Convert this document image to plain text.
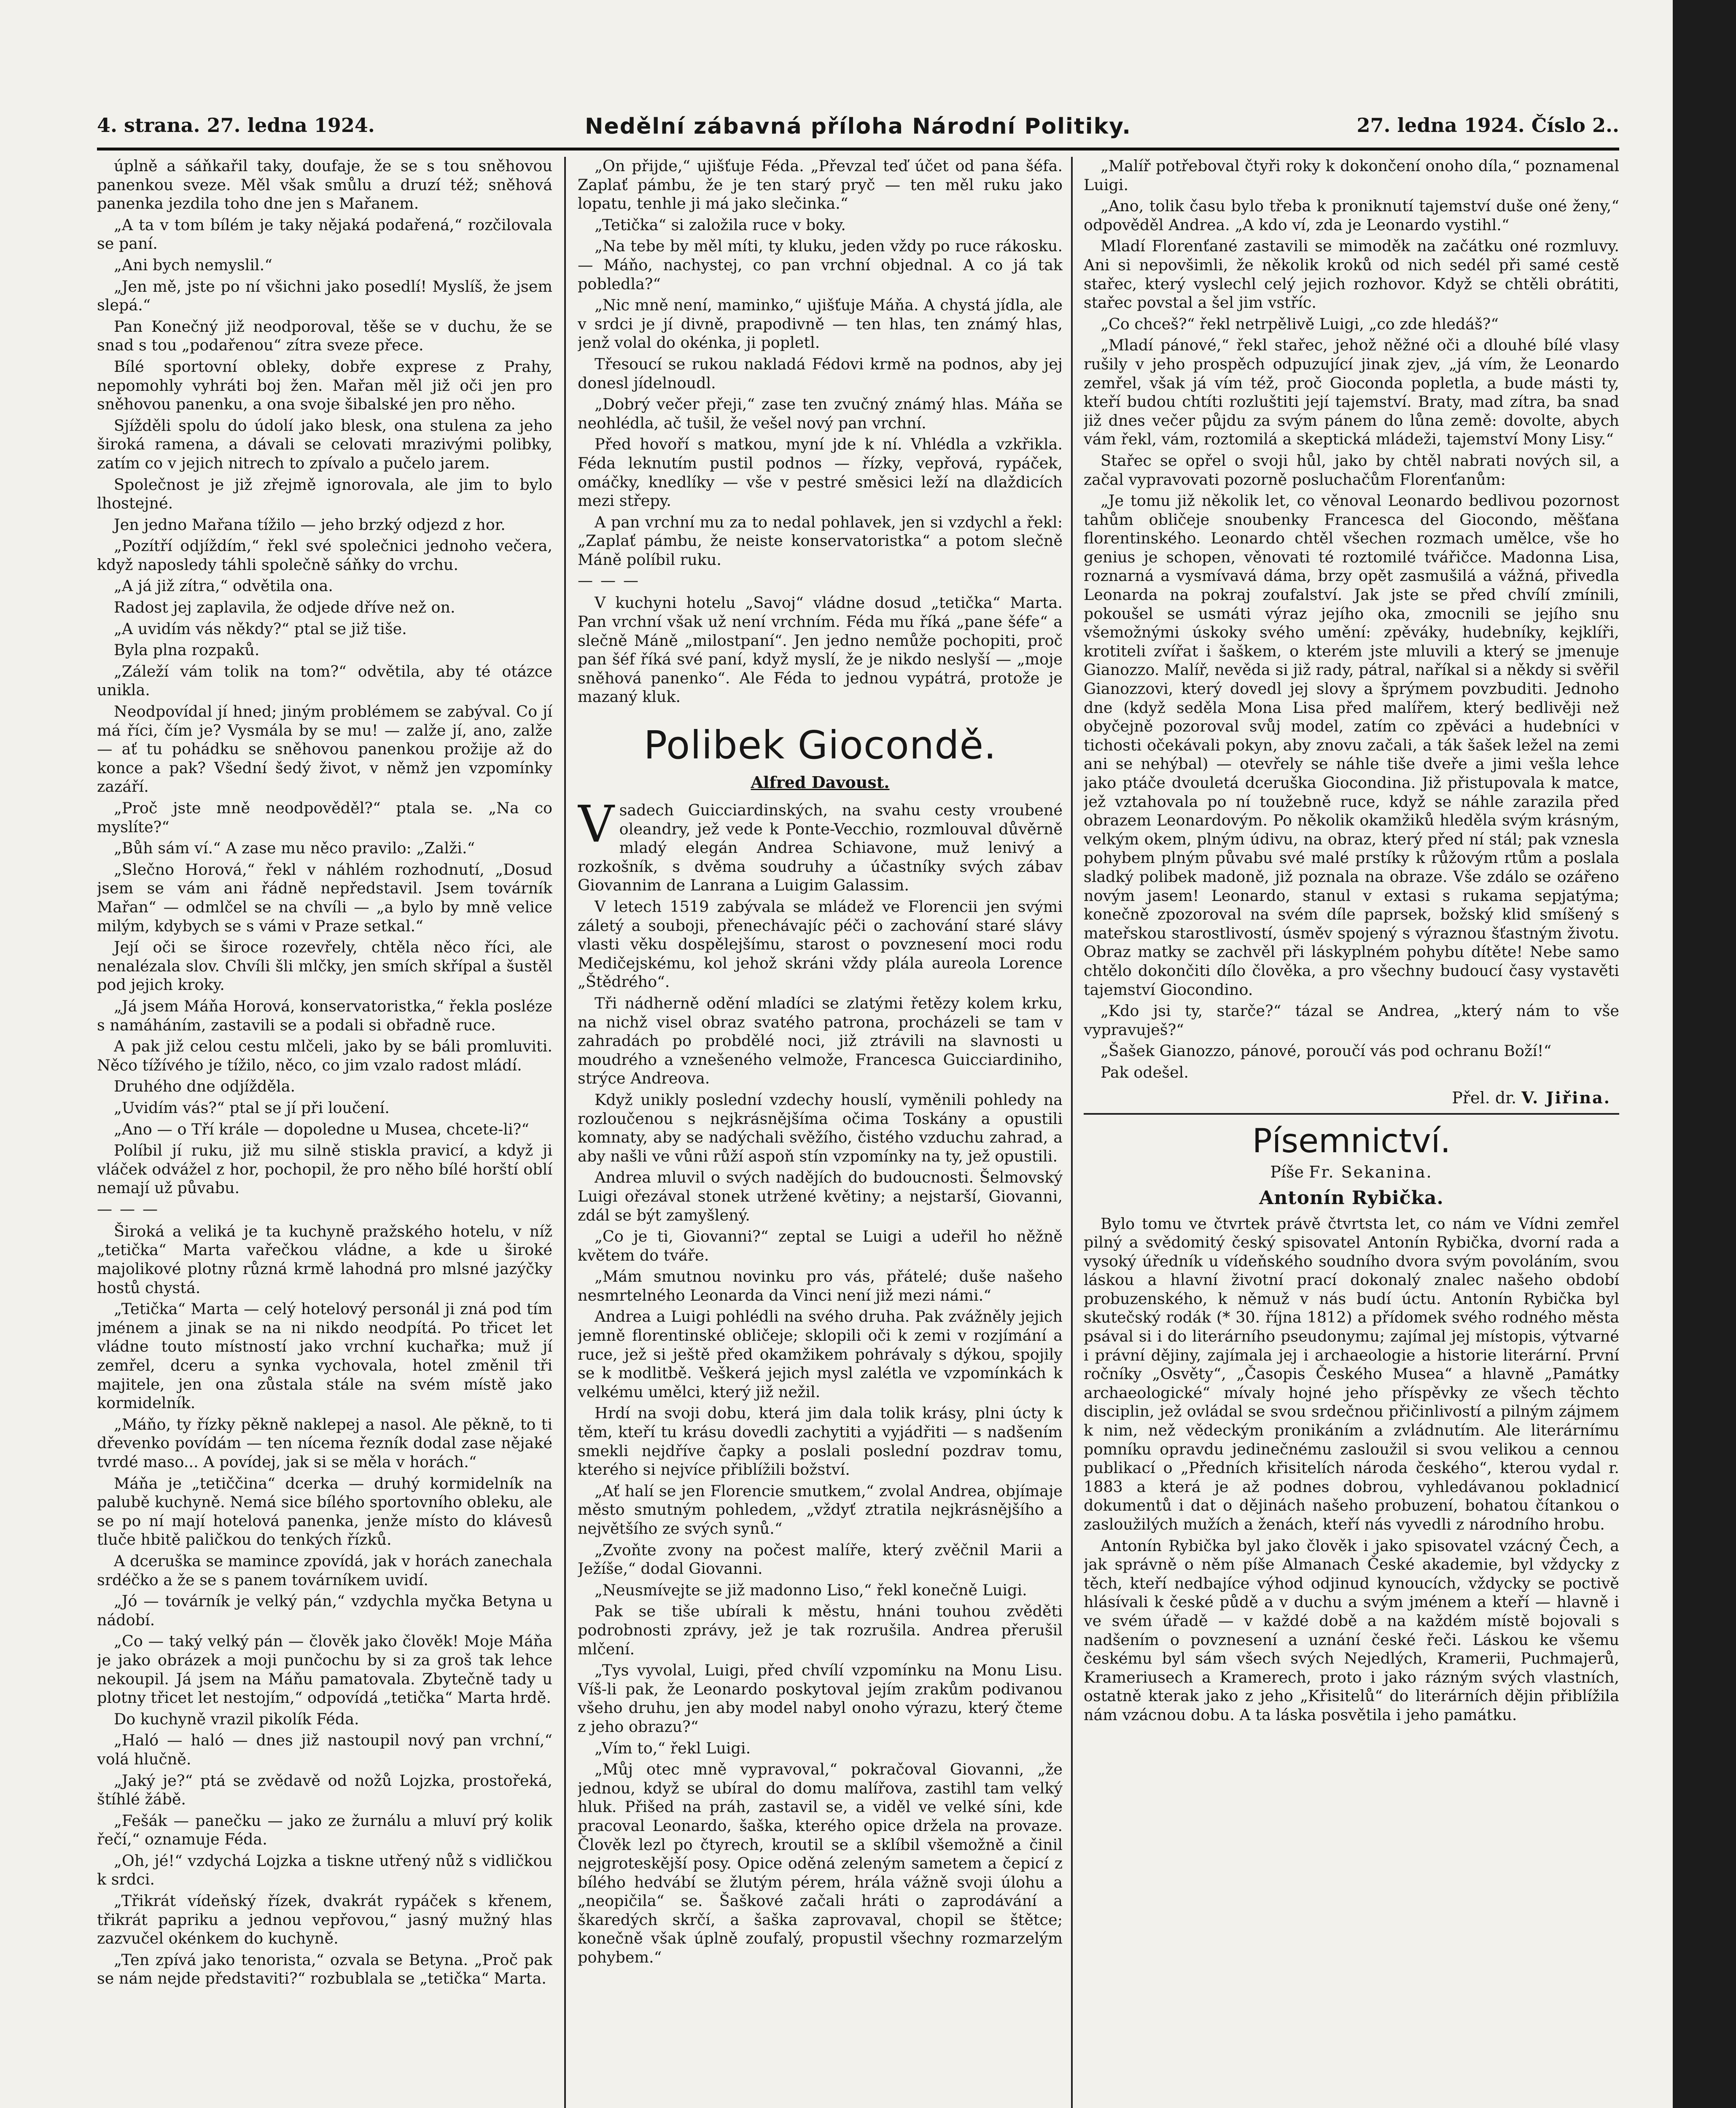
4. strana. 27. ledna 1924.	Nedělní zábavná příloha Národní Politiky.	27. ledna 1924. Číslo 2..

úplně a sáňkařil taky, doufaje, že se s tou sněhovou panenkou sveze. Měl však smůlu a druzí též; sněhová panenka jezdila toho dne jen s Mařanem.

„A ta v tom bílém je taky nějaká podařená,“ rozčilovala se paní.

„Ani bych nemyslil.“

„Jen mě, jste po ní všichni jako posedlí! Myslíš, že jsem slepá.“

Pan Konečný již neodporoval, těše se v duchu, že se snad s tou „podařenou“ zítra sveze přece.

Bílé sportovní obleky, dobře exprese z Prahy, nepomohly vyhráti boj žen. Mařan měl již oči jen pro sněhovou panenku, a ona svoje šibalské jen pro něho.

Sjížděli spolu do údolí jako blesk, ona stulena za jeho široká ramena, a dávali se celovati mrazivými polibky, zatím co v jejich nitrech to zpívalo a pučelo jarem.

Společnost je již zřejmě ignorovala, ale jim to bylo lhostejné.

Jen jedno Mařana tížilo — jeho brzký odjezd z hor.

„Pozítří odjíždím,“ řekl své společnici jednoho večera, když naposledy táhli společně sáňky do vrchu.

„A já již zítra,“ odvětila ona.

Radost jej zaplavila, že odjede dříve než on.

„A uvidím vás někdy?“ ptal se již tiše.

Byla plna rozpaků.

„Záleží vám tolik na tom?“ odvětila, aby té otázce unikla.

Neodpovídal jí hned; jiným problémem se zabýval. Co jí má říci, čím je? Vysmála by se mu! — zalže jí, ano, zalže — ať tu pohádku se sněhovou panenkou prožije až do konce a pak? Všední šedý život, v němž jen vzpomínky zazáří.

„Proč jste mně neodpověděl?“ ptala se. „Na co myslíte?“

„Bůh sám ví.“ A zase mu něco pravilo: „Zalži.“

„Slečno Horová,“ řekl v náhlém rozhodnutí, „Dosud jsem se vám ani řádně nepředstavil. Jsem továrník Mařan“ — odmlčel se na chvíli — „a bylo by mně velice milým, kdybych se s vámi v Praze setkal.“

Její oči se široce rozevřely, chtěla něco říci, ale nenalézala slov. Chvíli šli mlčky, jen smích skřípal a šustěl pod jejich kroky.

„Já jsem Máňa Horová, konservatoristka,“ řekla posléze s namáháním, zastavili se a podali si obřadně ruce.

A pak již celou cestu mlčeli, jako by se báli promluviti. Něco tížívého je tížilo, něco, co jim vzalo radost mládí.

Druhého dne odjížděla.

„Uvidím vás?“ ptal se jí při loučení.

„Ano — o Tří krále — dopoledne u Musea, chcete-li?“

Políbil jí ruku, již mu silně stiskla pravicí, a když ji vláček odvážel z hor, pochopil, že pro něho bílé horští oblí nemají už půvabu.

———

Široká a veliká je ta kuchyně pražského hotelu, v níž „tetička“ Marta vařečkou vládne, a kde u široké majolikové plotny různá krmě lahodná pro mlsné jazýčky hostů chystá.

„Tetička“ Marta — celý hotelový personál ji zná pod tím jménem a jinak se na ni nikdo neodpítá. Po třicet let vládne touto místností jako vrchní kuchařka; muž jí zemřel, dceru a synka vychovala, hotel změnil tři majitele, jen ona zůstala stále na svém místě jako kormidelník.

„Máňo, ty řízky pěkně naklepej a nasol. Ale pěkně, to ti dřevenko povídám — ten nícema řezník dodal zase nějaké tvrdé maso... A povídej, jak si se měla v horách.“

Máňa je „tetiččina“ dcerka — druhý kormidelník na palubě kuchyně. Nemá sice bílého sportovního obleku, ale se po ní mají hotelová panenka, jenže místo do klávesů tluče hbitě paličkou do tenkých řízků.

A dceruška se mamince zpovídá, jak v horách zanechala srdéčko a že se s panem továrníkem uvidí.

„Jó — továrník je velký pán,“ vzdychla myčka Betyna u nádobí.

„Co — taký velký pán — člověk jako člověk! Moje Máňa je jako obrázek a moji punčochu by si za groš tak lehce nekoupil. Já jsem na Máňu pamatovala. Zbytečně tady u plotny třicet let nestojím,“ odpovídá „tetička“ Marta hrdě.

Do kuchyně vrazil pikolík Féda.

„Haló — haló — dnes již nastoupil nový pan vrchní,“ volá hlučně.

„Jaký je?“ ptá se zvědavě od nožů Lojzka, prostořeká, štíhlé žábě.

„Fešák — panečku — jako ze žurnálu a mluví prý kolik řečí,“ oznamuje Féda.

„Oh, jé!“ vzdychá Lojzka a tiskne utřený nůž s vidličkou k srdci.

„Třikrát vídeňský řízek, dvakrát rypáček s křenem, třikrát papriku a jednou vepřovou,“ jasný mužný hlas zazvučel okénkem do kuchyně.

„Ten zpívá jako tenorista,“ ozvala se Betyna. „Proč pak se nám nejde představiti?“ rozbublala se „tetička“ Marta.

„On přijde,“ ujišťuje Féda. „Převzal teď účet od pana šéfa. Zaplať pámbu, že je ten starý pryč — ten měl ruku jako lopatu, tenhle ji má jako slečinka.“

„Tetička“ si založila ruce v boky.

„Na tebe by měl míti, ty kluku, jeden vždy po ruce rákosku. — Máňo, nachystej, co pan vrchní objednal. A co já tak pobledla?“

„Nic mně není, maminko,“ ujišťuje Máňa. A chystá jídla, ale v srdci je jí divně, prapodivně — ten hlas, ten známý hlas, jenž volal do okénka, ji popletl.

Třesoucí se rukou nakladá Fédovi krmě na podnos, aby jej donesl jídelnoudl.

„Dobrý večer přeji,“ zase ten zvučný známý hlas. Máňa se neohlédla, ač tušil, že vešel nový pan vrchní.

Před hovoří s matkou, myní jde k ní. Vhlédla a vzkřikla. Féda leknutím pustil podnos — řízky, vepřová, rypáček, omáčky, knedlíky — vše v pestré směsici leží na dlaždicích mezi střepy.

A pan vrchní mu za to nedal pohlavek, jen si vzdychl a řekl: „Zaplať pámbu, že neiste konservatoristka“ a potom slečně Máně políbil ruku.

———

V kuchyni hotelu „Savoj“ vládne dosud „tetička“ Marta. Pan vrchní však už není vrchním. Féda mu říká „pane šéfe“ a slečně Máně „milostpaní“. Jen jedno nemůže pochopiti, proč pan šéf říká své paní, když myslí, že je nikdo neslyší — „moje sněhová panenko“. Ale Féda to jednou vypátrá, protože je mazaný kluk.

Polibek Giocondě.
Alfred Davoust.

Vsadech Guicciardinských, na svahu cesty vroubené oleandry, jež vede k Ponte-Vecchio, rozmlouval důvěrně mladý elegán Andrea Schiavone, muž lenivý a rozkošník, s dvěma soudruhy a účastníky svých zábav Giovannim de Lanrana a Luigim Galassim.

V letech 1519 zabývala se mládež ve Florencii jen svými záletý a souboji, přenechávajíc péči o zachování staré slávy vlasti věku dospělejšímu, starost o povznesení moci rodu Medičejskému, kol jehož skráni vždy plála aureola Lorence „Štědrého“.

Tři nádherně odění mladíci se zlatými řetězy kolem krku, na nichž visel obraz svatého patrona, procházeli se tam v zahradách po probdělé noci, již ztrávili na slavnosti u moudrého a vznešeného velmože, Francesca Guicciardiniho, strýce Andreova.

Když unikly poslední vzdechy houslí, vyměnili pohledy na rozloučenou s nejkrásnějšíma očima Toskány a opustili komnaty, aby se nadýchali svěžího, čistého vzduchu zahrad, a aby našli ve vůni růží aspoň stín vzpomínky na ty, jež opustili.

Andrea mluvil o svých nadějích do budoucnosti. Šelmovský Luigi ořezával stonek utržené květiny; a nejstarší, Giovanni, zdál se být zamyšlený.

„Co je ti, Giovanni?“ zeptal se Luigi a udeřil ho něžně květem do tváře.

„Mám smutnou novinku pro vás, přátelé; duše našeho nesmrtelného Leonarda da Vinci není již mezi námi.“

Andrea a Luigi pohlédli na svého druha. Pak zvážněly jejich jemně florentinské obličeje; sklopili oči k zemi v rozjímání a ruce, jež si ještě před okamžikem pohrávaly s dýkou, spojily se k modlitbě. Veškerá jejich mysl zalétla ve vzpomínkách k velkému umělci, který již nežil.

Hrdí na svoji dobu, která jim dala tolik krásy, plni úcty k těm, kteří tu krásu dovedli zachytiti a vyjádřiti — s nadšením smekli nejdříve čapky a poslali poslední pozdrav tomu, kterého si nejvíce přiblížili božství.

„Ať halí se jen Florencie smutkem,“ zvolal Andrea, objímaje město smutným pohledem, „vždyť ztratila nejkrásnějšího a největšího ze svých synů.“

„Zvoňte zvony na počest malíře, který zvěčnil Marii a Ježíše,“ dodal Giovanni.

„Neusmívejte se již madonno Liso,“ řekl konečně Luigi.

Pak se tiše ubírali k městu, hnáni touhou zvěděti podrobnosti zprávy, jež je tak rozrušila. Andrea přerušil mlčení.

„Tys vyvolal, Luigi, před chvílí vzpomínku na Monu Lisu. Víš-li pak, že Leonardo poskytoval jejím zrakům podivanou všeho druhu, jen aby model nabyl onoho výrazu, který čteme z jeho obrazu?“

„Vím to,“ řekl Luigi.

„Můj otec mně vypravoval,“ pokračoval Giovanni, „že jednou, když se ubíral do domu malířova, zastihl tam velký hluk. Přišed na práh, zastavil se, a viděl ve velké síni, kde pracoval Leonardo, šaška, kterého opice držela na provaze. Člověk lezl po čtyrech, kroutil se a sklíbil všemožně a činil nejgroteskější posy. Opice oděná zeleným sametem a čepicí z bílého hedvábí se žlutým pérem, hrála vážně svoji úlohu a „neopičila“ se. Šaškové začali hráti o zaprodávání a škaredých skrčí, a šaška zaprovaval, chopil se štětce; konečně však úplně zoufalý, propustil všechny rozmarzelým pohybem.“

„Malíř potřeboval čtyři roky k dokončení onoho díla,“ poznamenal Luigi.

„Ano, tolik času bylo třeba k proniknutí tajemství duše oné ženy,“ odpověděl Andrea. „A kdo ví, zda je Leonardo vystihl.“

Mladí Florenťané zastavili se mimoděk na začátku oné rozmluvy. Ani si nepovšimli, že několik kroků od nich sedél při samé cestě stařec, který vyslechl celý jejich rozhovor. Když se chtěli obrátiti, stařec povstal a šel jim vstříc.

„Co chceš?“ řekl netrpělivě Luigi, „co zde hledáš?“

„Mladí pánové,“ řekl stařec, jehož něžné oči a dlouhé bílé vlasy rušily v jeho prospěch odpuzující jinak zjev, „já vím, že Leonardo zemřel, však já vím též, proč Gioconda popletla, a bude másti ty, kteří budou chtíti rozluštiti její tajemství. Braty, mad zítra, ba snad již dnes večer půjdu za svým pánem do lůna země: dovolte, abych vám řekl, vám, roztomilá a skeptická mládeži, tajemství Mony Lisy.“

Stařec se opřel o svoji hůl, jako by chtěl nabrati nových sil, a začal vypravovati pozorně posluchačům Florenťanům:

„Je tomu již několik let, co věnoval Leonardo bedlivou pozornost tahům obličeje snoubenky Francesca del Giocondo, měšťana florentinského. Leonardo chtěl všechen rozmach umělce, vše ho genius je schopen, věnovati té roztomilé tvářičce. Madonna Lisa, roznarná a vysmívavá dáma, brzy opět zasmušilá a vážná, přivedla Leonarda na pokraj zoufalství. Jak jste se před chvílí zmínili, pokoušel se usmáti výraz jejího oka, zmocnili se jejího snu všemožnými úskoky svého umění: zpěváky, hudebníky, kejklíři, krotiteli zvířat i šaškem, o kterém jste mluvili a který se jmenuje Gianozzo. Malíř, nevěda si již rady, pátral, naříkal si a někdy si svěřil Gianozzovi, který dovedl jej slovy a šprýmem povzbuditi. Jednoho dne (když seděla Mona Lisa před malířem, který bedlivěji než obyčejně pozoroval svůj model, zatím co zpěváci a hudebníci v tichosti očekávali pokyn, aby znovu začali, a ták šašek ležel na zemi ani se nehýbal) — otevřely se náhle tiše dveře a jimi vešla lehce jako ptáče dvouletá dceruška Giocondina. Již přistupovala k matce, jež vztahovala po ní toužebně ruce, když se náhle zarazila před obrazem Leonardovým. Po několik okamžiků hleděla svým krásným, velkým okem, plným údivu, na obraz, který před ní stál; pak vznesla pohybem plným půvabu své malé prstíky k růžovým rtům a poslala sladký polibek madoně, již poznala na obraze. Vše zdálo se ozářeno novým jasem! Leonardo, stanul v extasi s rukama sepjatýma; konečně zpozoroval na svém díle paprsek, božský klid smíšený s mateřskou starostlivostí, úsměv spojený s výraznou šťastným životu. Obraz matky se zachvěl při láskyplném pohybu dítěte! Nebe samo chtělo dokončiti dílo člověka, a pro všechny budoucí časy vystavěti tajemství Giocondino.

„Kdo jsi ty, starče?“ tázal se Andrea, „který nám to vše vypravuješ?“

„Šašek Gianozzo, pánové, poroučí vás pod ochranu Boží!“

Pak odešel.

Přel. dr. V. Jiřina.
Písemnictví.
Píše Fr. Sekanina.
Antonín Rybička.

Bylo tomu ve čtvrtek právě čtvrtsta let, co nám ve Vídni zemřel pilný a svědomitý český spisovatel Antonín Rybička, dvorní rada a vysoký úředník u vídeňského soudního dvora svým povoláním, svou láskou a hlavní životní prací dokonalý znalec našeho období probuzenského, k němuž v nás budí úctu. Antonín Rybička byl skutečský rodák (* 30. října 1812) a přídomek svého rodného města psával si i do literárního pseudonymu; zajímal jej místopis, výtvarné i právní dějiny, zajímala jej i archaeologie a historie literární. První ročníky „Osvěty“, „Časopis Českého Musea“ a hlavně „Památky archaeologické“ mívaly hojné jeho příspěvky ze všech těchto disciplin, jež ovládal se svou srdečnou přičinlivostí a pilným zájmem k nim, než vědeckým pronikáním a zvládnutím. Ale literárnímu pomníku opravdu jedinečnému zasloužil si svou velikou a cennou publikací o „Předních křisitelích národa českého“, kterou vydal r. 1883 a která je až podnes dobrou, vyhledávanou pokladnicí dokumentů i dat o dějinách našeho probuzení, bohatou čítankou o zasloužilých mužích a ženách, kteří nás vyvedli z národního hrobu.

Antonín Rybička byl jako člověk i jako spisovatel vzácný Čech, a jak správně o něm píše Almanach České akademie, byl vždycky z těch, kteří nedbajíce výhod odjinud kynoucích, vždycky se poctivě hlásívali k české půdě a v duchu a svým jménem a kteří — hlavně i ve svém úřadě — v každé době a na každém místě bojovali s nadšením o povznesení a uznání české řeči. Láskou ke všemu českému byl sám všech svých Nejedlých, Kramerii, Puchmajerů, Krameriusech a Kramerech, proto i jako rázným svých vlastních, ostatně kterak jako z jeho „Křisitelů“ do literárních dějin přiblížila nám vzácnou dobu. A ta láska posvětila i jeho památku.
